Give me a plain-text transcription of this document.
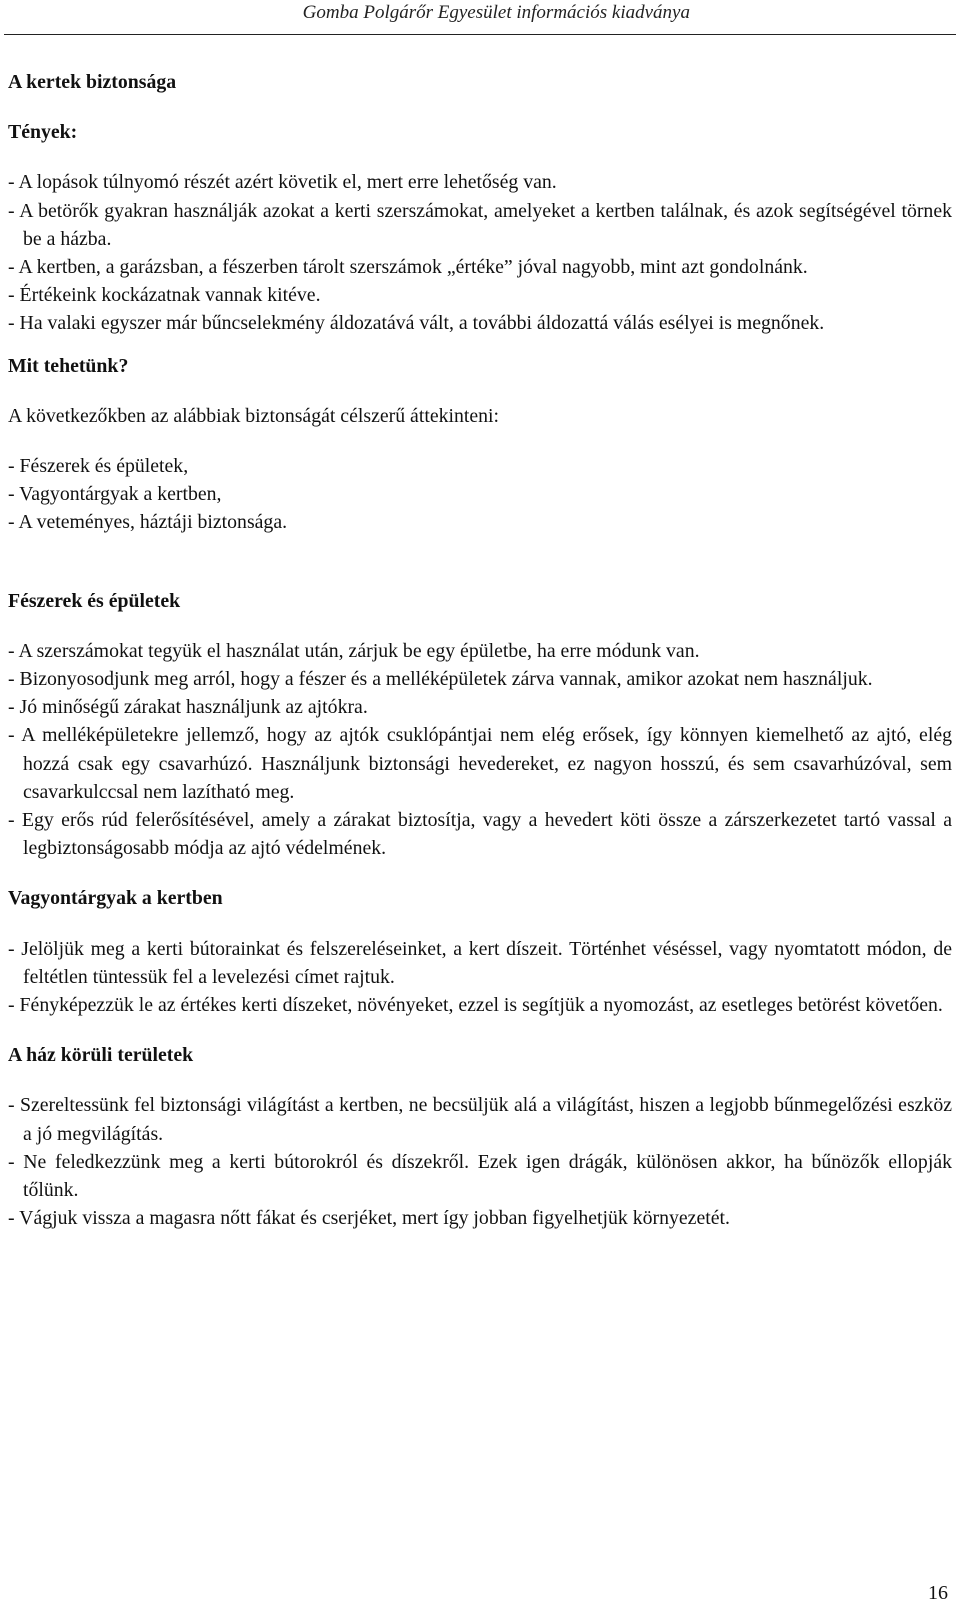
Gomba Polgárőr Egyesület információs kiadványa

A kertek biztonsága

Tények:

- A lopások túlnyomó részét azért követik el, mert erre lehetőség van.

- A betörők gyakran használják azokat a kerti szerszámokat, amelyeket a kertben találnak, és azok segítségével törnek be a házba.

- A kertben, a garázsban, a fészerben tárolt szerszámok „értéke” jóval nagyobb, mint azt gondolnánk.

- Értékeink kockázatnak vannak kitéve.

- Ha valaki egyszer már bűncselekmény áldozatává vált, a további áldozattá válás esélyei is megnőnek.

Mit tehetünk?

A következőkben az alábbiak biztonságát célszerű áttekinteni:

- Fészerek és épületek,

- Vagyontárgyak a kertben,

- A veteményes, háztáji biztonsága.

Fészerek és épületek

- A szerszámokat tegyük el használat után, zárjuk be egy épületbe, ha erre módunk van.

- Bizonyosodjunk meg arról, hogy a fészer és a melléképületek zárva vannak, amikor azokat nem használjuk.

- Jó minőségű zárakat használjunk az ajtókra.

- A melléképületekre jellemző, hogy az ajtók csuklópántjai nem elég erősek, így könnyen kiemelhető az ajtó, elég hozzá csak egy csavarhúzó. Használjunk biztonsági hevedereket, ez nagyon hosszú, és sem csavarhúzóval, sem csavarkulccsal nem lazítható meg.

- Egy erős rúd felerősítésével, amely a zárakat biztosítja, vagy a hevedert köti össze a zárszerkezetet tartó vassal a legbiztonságosabb módja az ajtó védelmének.

Vagyontárgyak a kertben

- Jelöljük meg a kerti bútorainkat és felszereléseinket, a kert díszeit. Történhet véséssel, vagy nyomtatott módon, de feltétlen tüntessük fel a levelezési címet rajtuk.

- Fényképezzük le az értékes kerti díszeket, növényeket, ezzel is segítjük a nyomozást, az esetleges betörést követően.

A ház körüli területek

- Szereltessünk fel biztonsági világítást a kertben, ne becsüljük alá a világítást, hiszen a legjobb bűnmegelőzési eszköz a jó megvilágítás.

- Ne feledkezzünk meg a kerti bútorokról és díszekről. Ezek igen drágák, különösen akkor, ha bűnözők ellopják tőlünk.

- Vágjuk vissza a magasra nőtt fákat és cserjéket, mert így jobban figyelhetjük környezetét.

16
